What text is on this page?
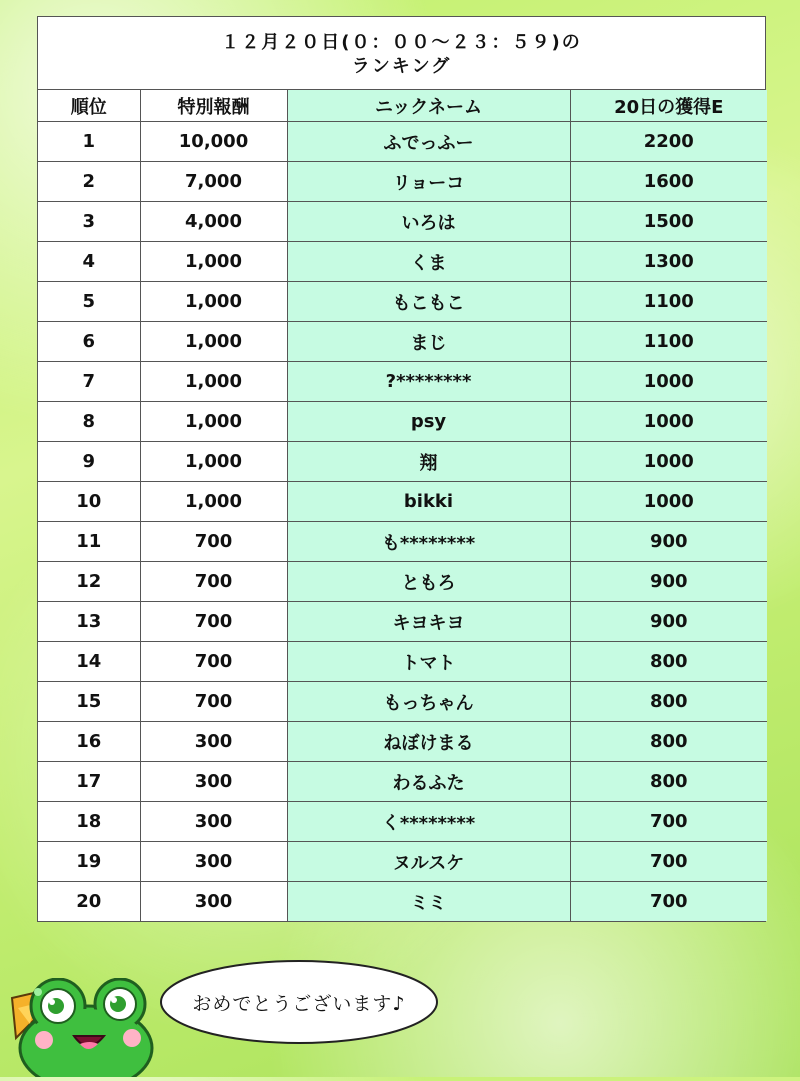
１２月２０日(０：００～２３：５９)の
ランキング
順位	特別報酬	ニックネーム	20日の獲得E
1	10,000	ふでっふー	2200
2	7,000	リョーコ	1600
3	4,000	いろは	1500
4	1,000	くま	1300
5	1,000	もこもこ	1100
6	1,000	まじ	1100
7	1,000	?********	1000
8	1,000	psy	1000
9	1,000	翔	1000
10	1,000	bikki	1000
11	700	も********	900
12	700	ともろ	900
13	700	キヨキヨ	900
14	700	トマト	800
15	700	もっちゃん	800
16	300	ねぼけまる	800
17	300	わるふた	800
18	300	く********	700
19	300	ヌルスケ	700
20	300	ミミ	700
おめでとうございます♪
